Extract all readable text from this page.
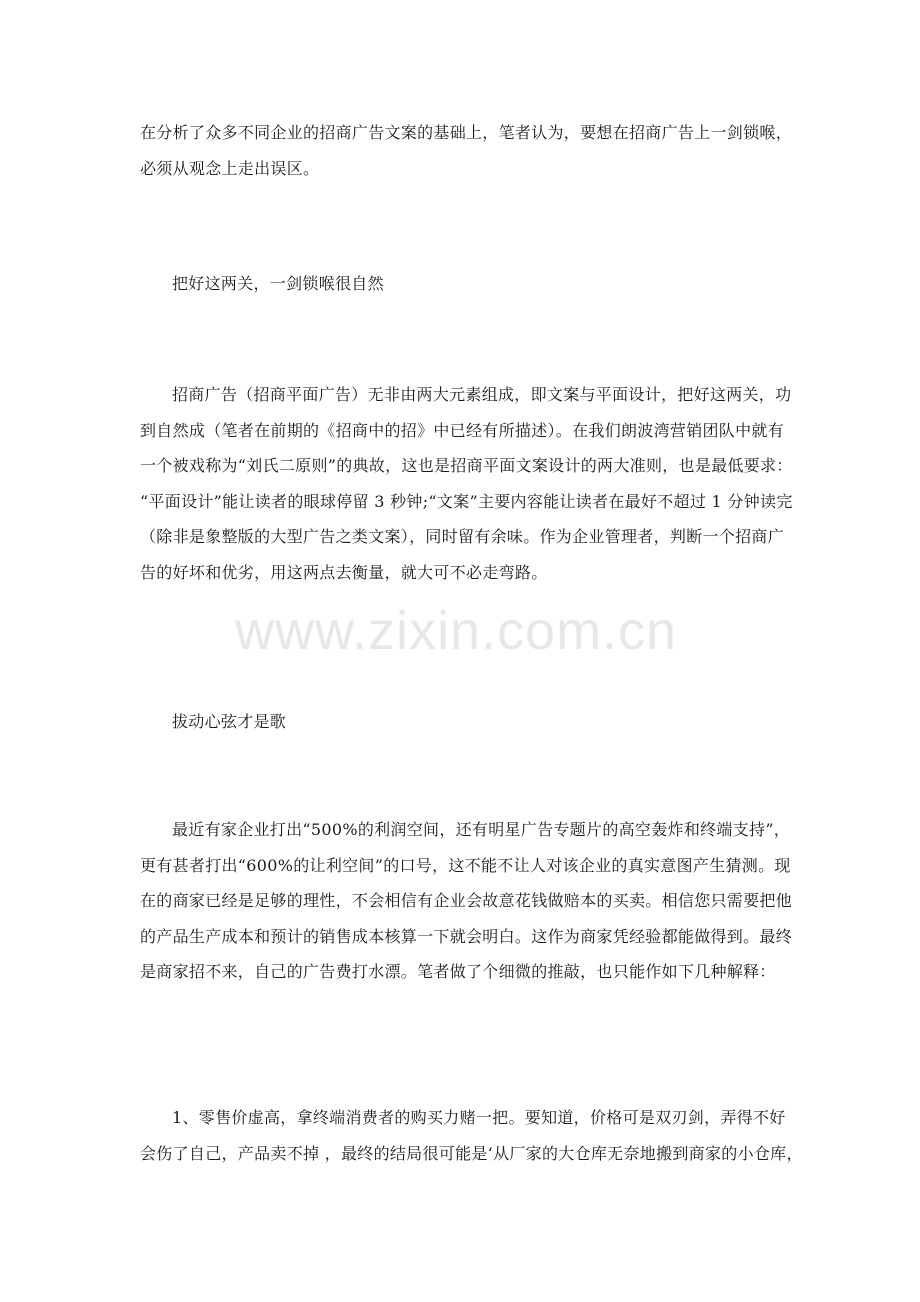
在分析了众多不同企业的招商广告文案的基础上，笔者认为，要想在招商广告上一剑锁喉，
必须从观念上走出误区。
把好这两关，一剑锁喉很自然
招商广告（招商平面广告）无非由两大元素组成，即文案与平面设计，把好这两关，功
到自然成（笔者在前期的《招商中的招》中已经有所描述）。在我们朗波湾营销团队中就有
一个被戏称为“刘氏二原则”的典故，这也是招商平面文案设计的两大准则，也是最低要求：
“平面设计”能让读者的眼球停留 3 秒钟;“文案”主要内容能让读者在最好不超过 1 分钟读完
（除非是象整版的大型广告之类文案），同时留有余味。作为企业管理者，判断一个招商广
告的好坏和优劣，用这两点去衡量，就大可不必走弯路。
拔动心弦才是歌
最近有家企业打出“500%的利润空间，还有明星广告专题片的高空轰炸和终端支持”，
更有甚者打出“600%的让利空间”的口号，这不能不让人对该企业的真实意图产生猜测。现
在的商家已经是足够的理性，不会相信有企业会故意花钱做赔本的买卖。相信您只需要把他
的产品生产成本和预计的销售成本核算一下就会明白。这作为商家凭经验都能做得到。最终
是商家招不来，自己的广告费打水漂。笔者做了个细微的推敲，也只能作如下几种解释：
1、零售价虚高，拿终端消费者的购买力赌一把。要知道，价格可是双刃剑，弄得不好
会伤了自己，产品卖不掉 ，最终的结局很可能是‘从厂家的大仓库无奈地搬到商家的小仓库，
www.zixin.com.cn
